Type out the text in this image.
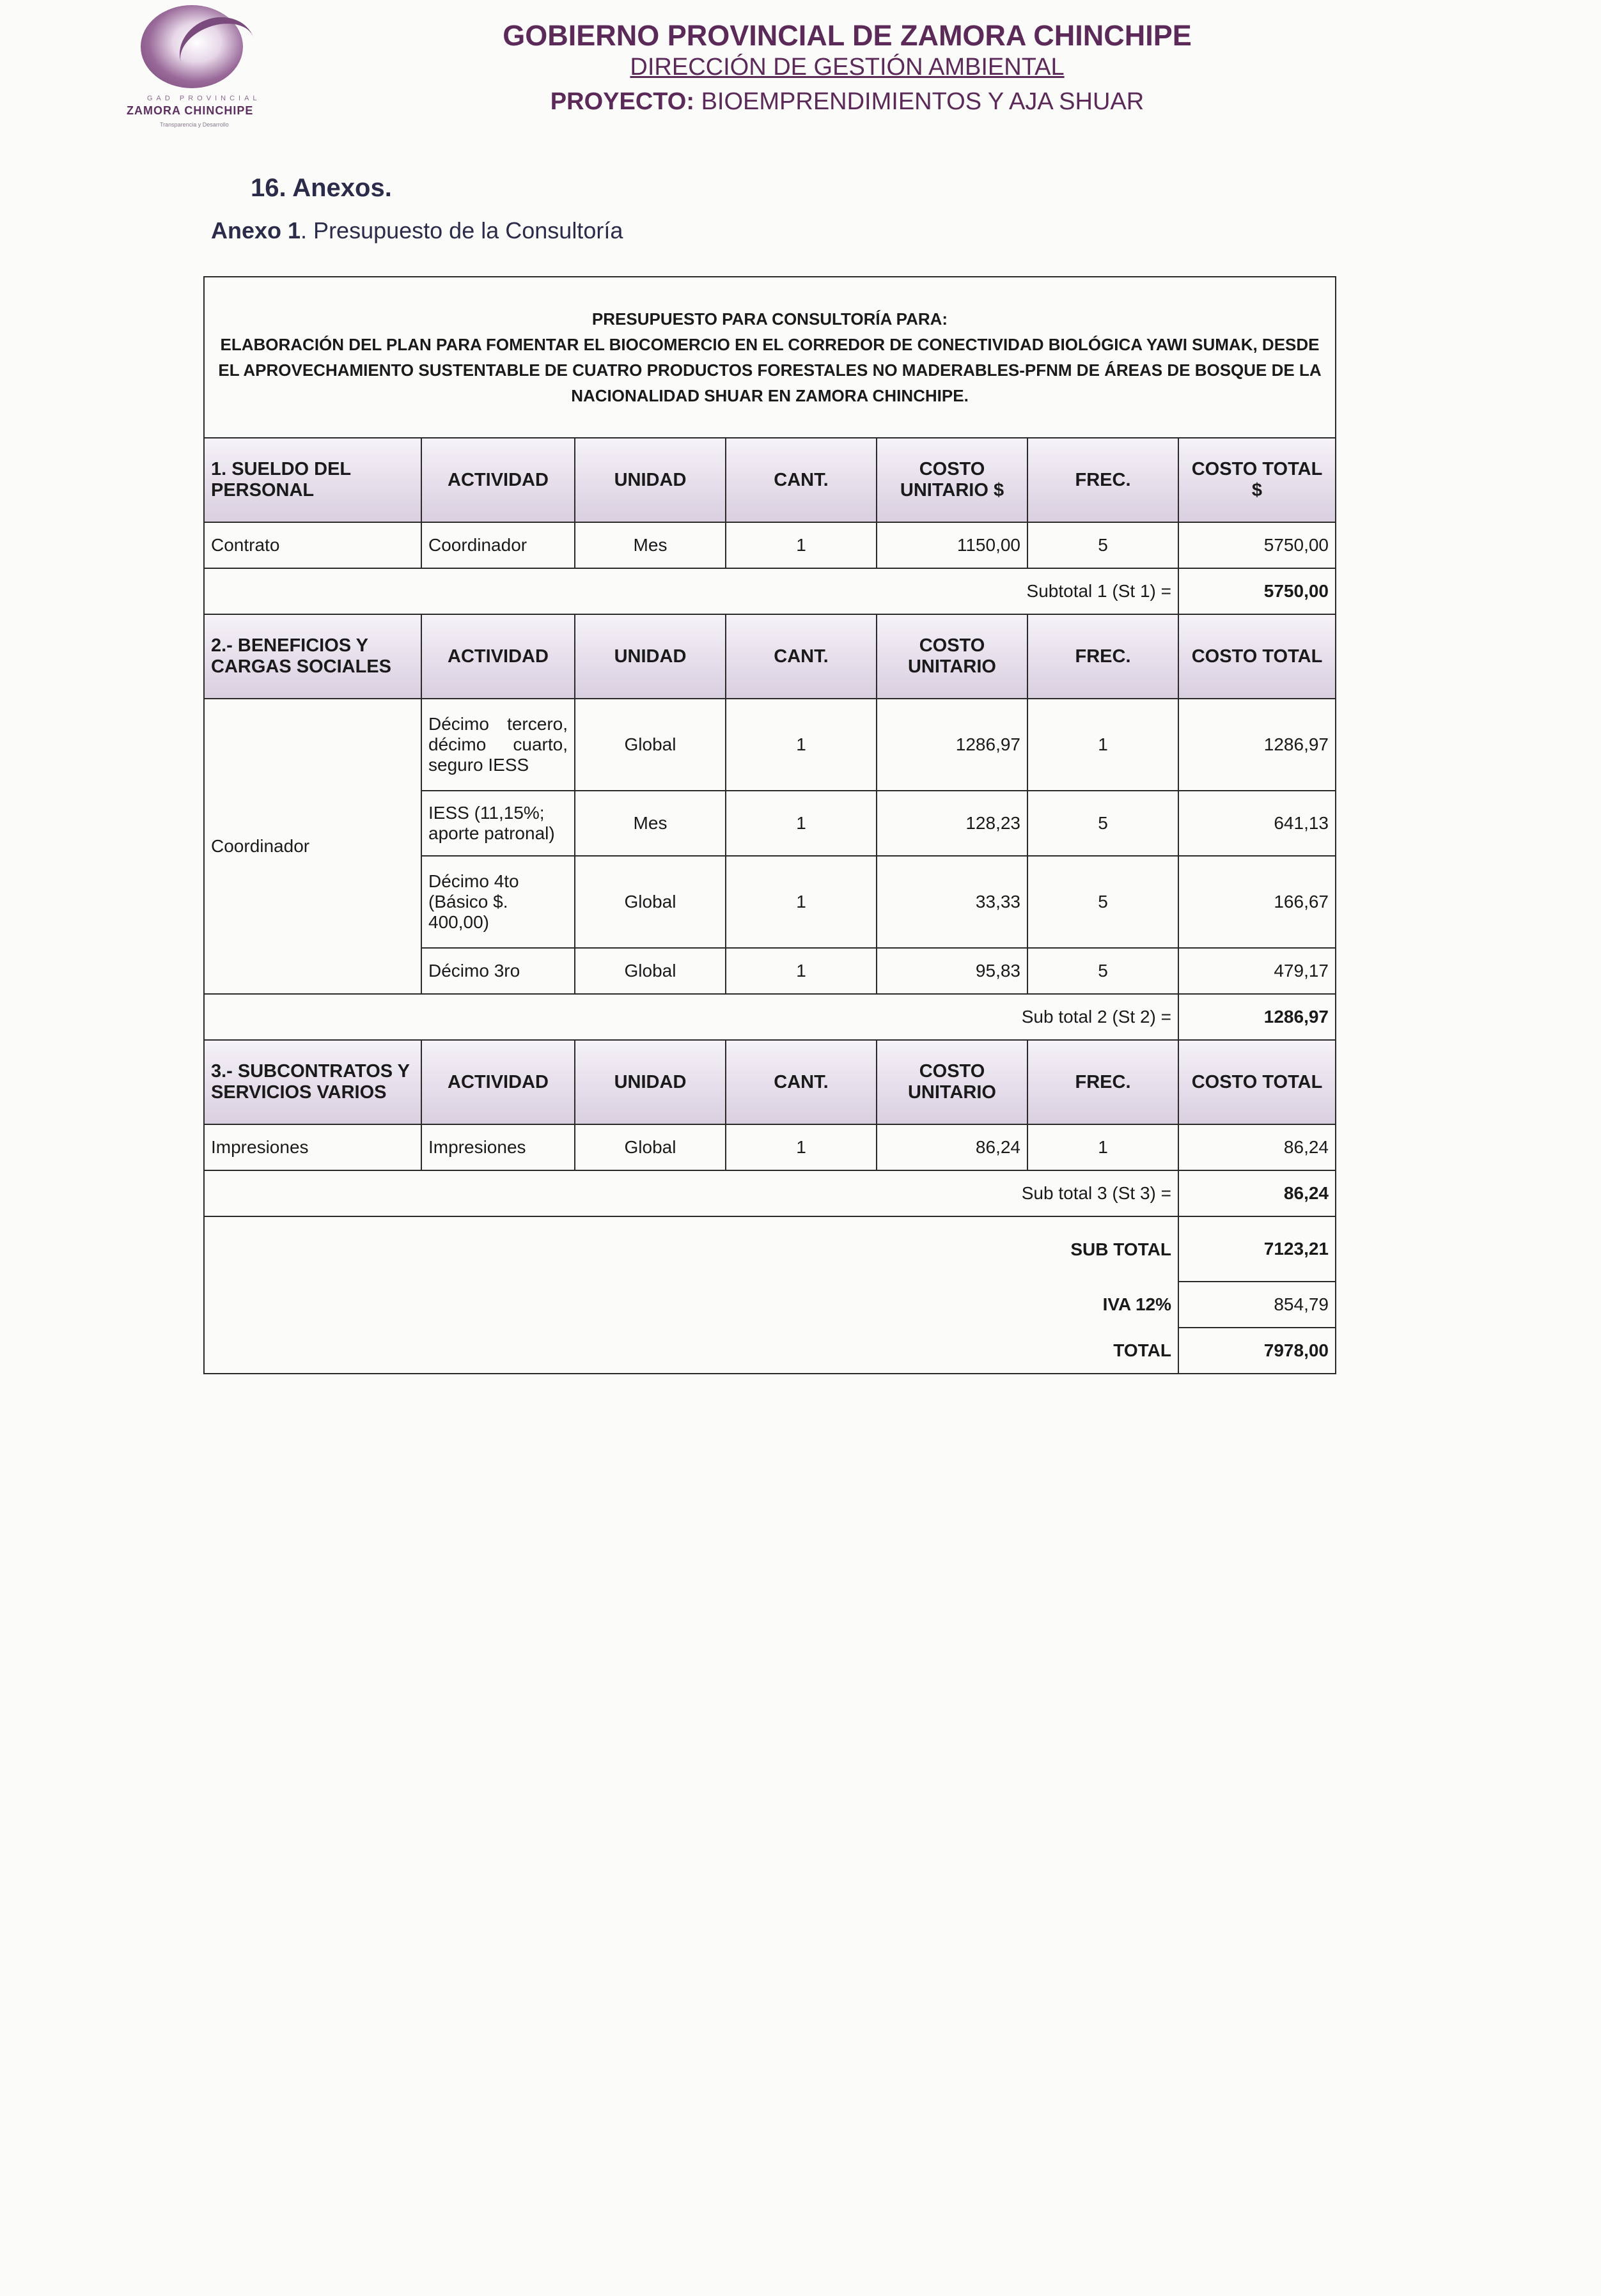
GAD PROVINCIAL
ZAMORA CHINCHIPE
Transparencia y Desarrollo
GOBIERNO PROVINCIAL DE ZAMORA CHINCHIPE
DIRECCIÓN DE GESTIÓN AMBIENTAL
PROYECTO: BIOEMPRENDIMIENTOS Y AJA SHUAR
16. Anexos.
Anexo 1. Presupuesto de la Consultoría
PRESUPUESTO PARA CONSULTORÍA PARA:
ELABORACIÓN DEL PLAN PARA FOMENTAR EL BIOCOMERCIO EN EL CORREDOR DE CONECTIVIDAD BIOLÓGICA YAWI SUMAK, DESDE EL APROVECHAMIENTO SUSTENTABLE DE CUATRO PRODUCTOS FORESTALES NO MADERABLES-PFNM DE ÁREAS DE BOSQUE DE LA NACIONALIDAD SHUAR EN ZAMORA CHINCHIPE.						

1. SUELDO DEL PERSONAL	ACTIVIDAD	UNIDAD	CANT.	COSTO UNITARIO $	FREC.	COSTO TOTAL $
Contrato	Coordinador	Mes	1	1150,00	5	5750,00
Subtotal 1 (St 1) =						5750,00
2.- BENEFICIOS Y CARGAS SOCIALES	ACTIVIDAD	UNIDAD	CANT.	COSTO UNITARIO	FREC.	COSTO TOTAL
Coordinador	Décimo tercero, décimo cuarto, seguro IESS	Global	1	1286,97	1	1286,97
	IESS (11,15%; aporte patronal)	Mes	1	128,23	5	641,13
	Décimo 4to (Básico $. 400,00)	Global	1	33,33	5	166,67
	Décimo 3ro	Global	1	95,83	5	479,17
Sub total 2 (St 2) =						1286,97
3.- SUBCONTRATOS Y SERVICIOS VARIOS	ACTIVIDAD	UNIDAD	CANT.	COSTO UNITARIO	FREC.	COSTO TOTAL
Impresiones	Impresiones	Global	1	86,24	1	86,24
Sub total 3 (St 3) =						86,24
SUB TOTAL						7123,21
IVA 12%						854,79
TOTAL						7978,00
